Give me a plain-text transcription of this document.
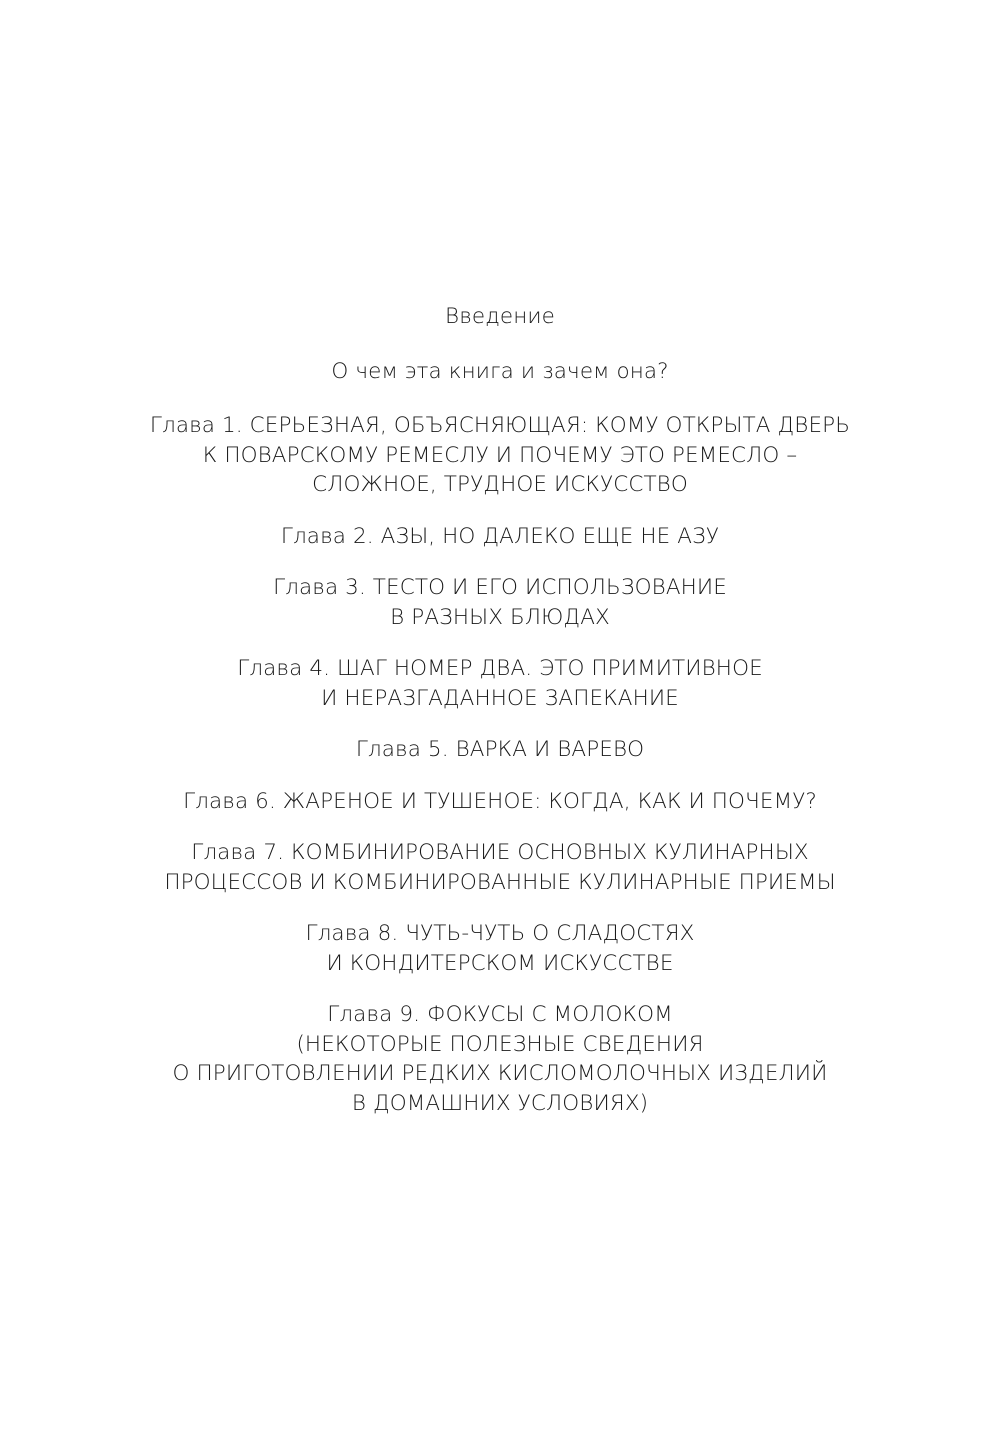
Введение
О чем эта книга и зачем она?
Глава 1. СЕРЬЕЗНАЯ, ОБЪЯСНЯЮЩАЯ: КОМУ ОТКРЫТА ДВЕРЬ
К ПОВАРСКОМУ РЕМЕСЛУ И ПОЧЕМУ ЭТО РЕМЕСЛО –
СЛОЖНОЕ, ТРУДНОЕ ИСКУССТВО
Глава 2. АЗЫ, НО ДАЛЕКО ЕЩЕ НЕ АЗУ
Глава 3. ТЕСТО И ЕГО ИСПОЛЬЗОВАНИЕ
В РАЗНЫХ БЛЮДАХ
Глава 4. ШАГ НОМЕР ДВА. ЭТО ПРИМИТИВНОЕ
И НЕРАЗГАДАННОЕ ЗАПЕКАНИЕ
Глава 5. ВАРКА И ВАРЕВО
Глава 6. ЖАРЕНОЕ И ТУШЕНОЕ: КОГДА, КАК И ПОЧЕМУ?
Глава 7. КОМБИНИРОВАНИЕ ОСНОВНЫХ КУЛИНАРНЫХ
ПРОЦЕССОВ И КОМБИНИРОВАННЫЕ КУЛИНАРНЫЕ ПРИЕМЫ
Глава 8. ЧУТЬ-ЧУТЬ О СЛАДОСТЯХ
И КОНДИТЕРСКОМ ИСКУССТВЕ
Глава 9. ФОКУСЫ С МОЛОКОМ
(НЕКОТОРЫЕ ПОЛЕЗНЫЕ СВЕДЕНИЯ
О ПРИГОТОВЛЕНИИ РЕДКИХ КИСЛОМОЛОЧНЫХ ИЗДЕЛИЙ
В ДОМАШНИХ УСЛОВИЯХ)
